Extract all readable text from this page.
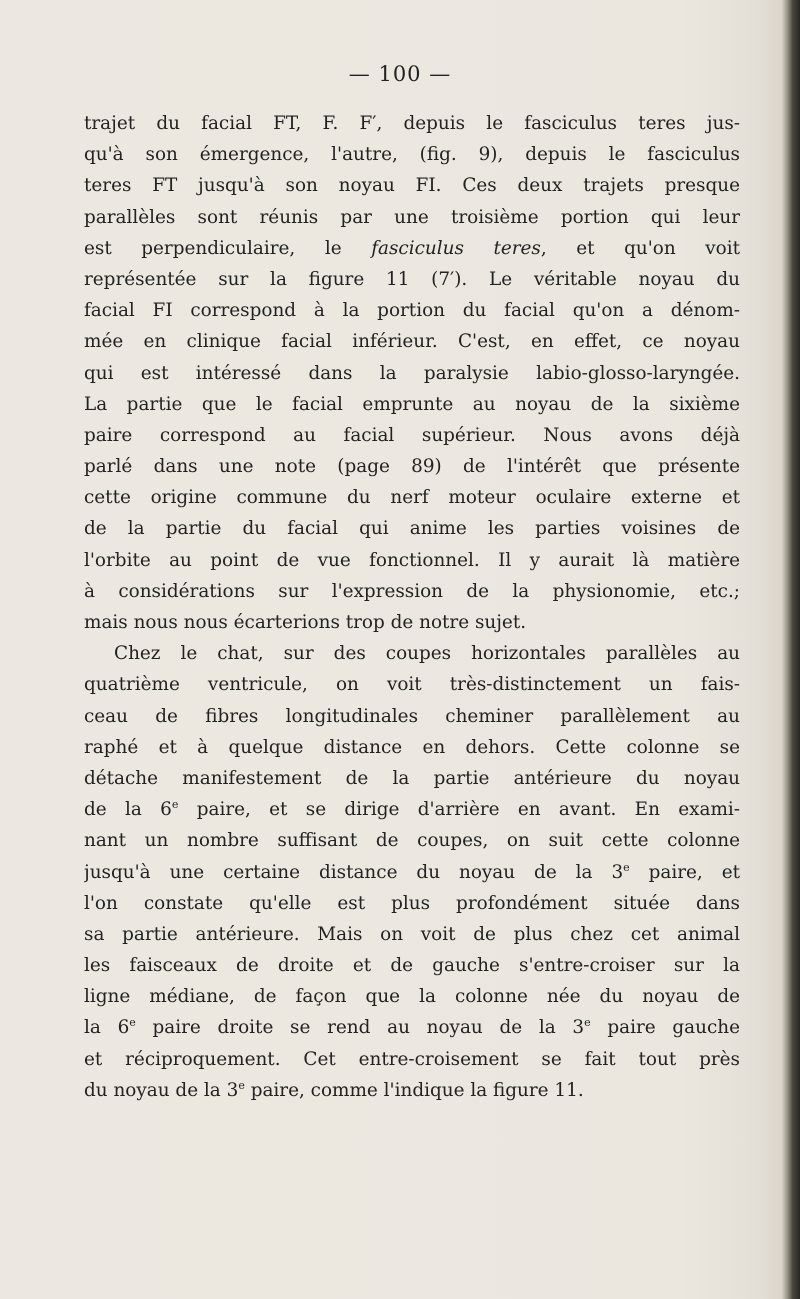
— 100 —
trajet du facial FT, F. F′, depuis le fasciculus teres jus-
qu'à son émergence, l'autre, (fig. 9), depuis le fasciculus
teres FT jusqu'à son noyau FI. Ces deux trajets presque
parallèles sont réunis par une troisième portion qui leur
est perpendiculaire, le fasciculus teres, et qu'on voit
représentée sur la figure 11 (7′). Le véritable noyau du
facial FI correspond à la portion du facial qu'on a dénom-
mée en clinique facial inférieur. C'est, en effet, ce noyau
qui est intéressé dans la paralysie labio-glosso-laryngée.
La partie que le facial emprunte au noyau de la sixième
paire correspond au facial supérieur. Nous avons déjà
parlé dans une note (page 89) de l'intérêt que présente
cette origine commune du nerf moteur oculaire externe et
de la partie du facial qui anime les parties voisines de
l'orbite au point de vue fonctionnel. Il y aurait là matière
à considérations sur l'expression de la physionomie, etc.;
mais nous nous écarterions trop de notre sujet.
Chez le chat, sur des coupes horizontales parallèles au
quatrième ventricule, on voit très-distinctement un fais-
ceau de fibres longitudinales cheminer parallèlement au
raphé et à quelque distance en dehors. Cette colonne se
détache manifestement de la partie antérieure du noyau
de la 6e paire, et se dirige d'arrière en avant. En exami-
nant un nombre suffisant de coupes, on suit cette colonne
jusqu'à une certaine distance du noyau de la 3e paire, et
l'on constate qu'elle est plus profondément située dans
sa partie antérieure. Mais on voit de plus chez cet animal
les faisceaux de droite et de gauche s'entre-croiser sur la
ligne médiane, de façon que la colonne née du noyau de
la 6e paire droite se rend au noyau de la 3e paire gauche
et réciproquement. Cet entre-croisement se fait tout près
du noyau de la 3e paire, comme l'indique la figure 11.
